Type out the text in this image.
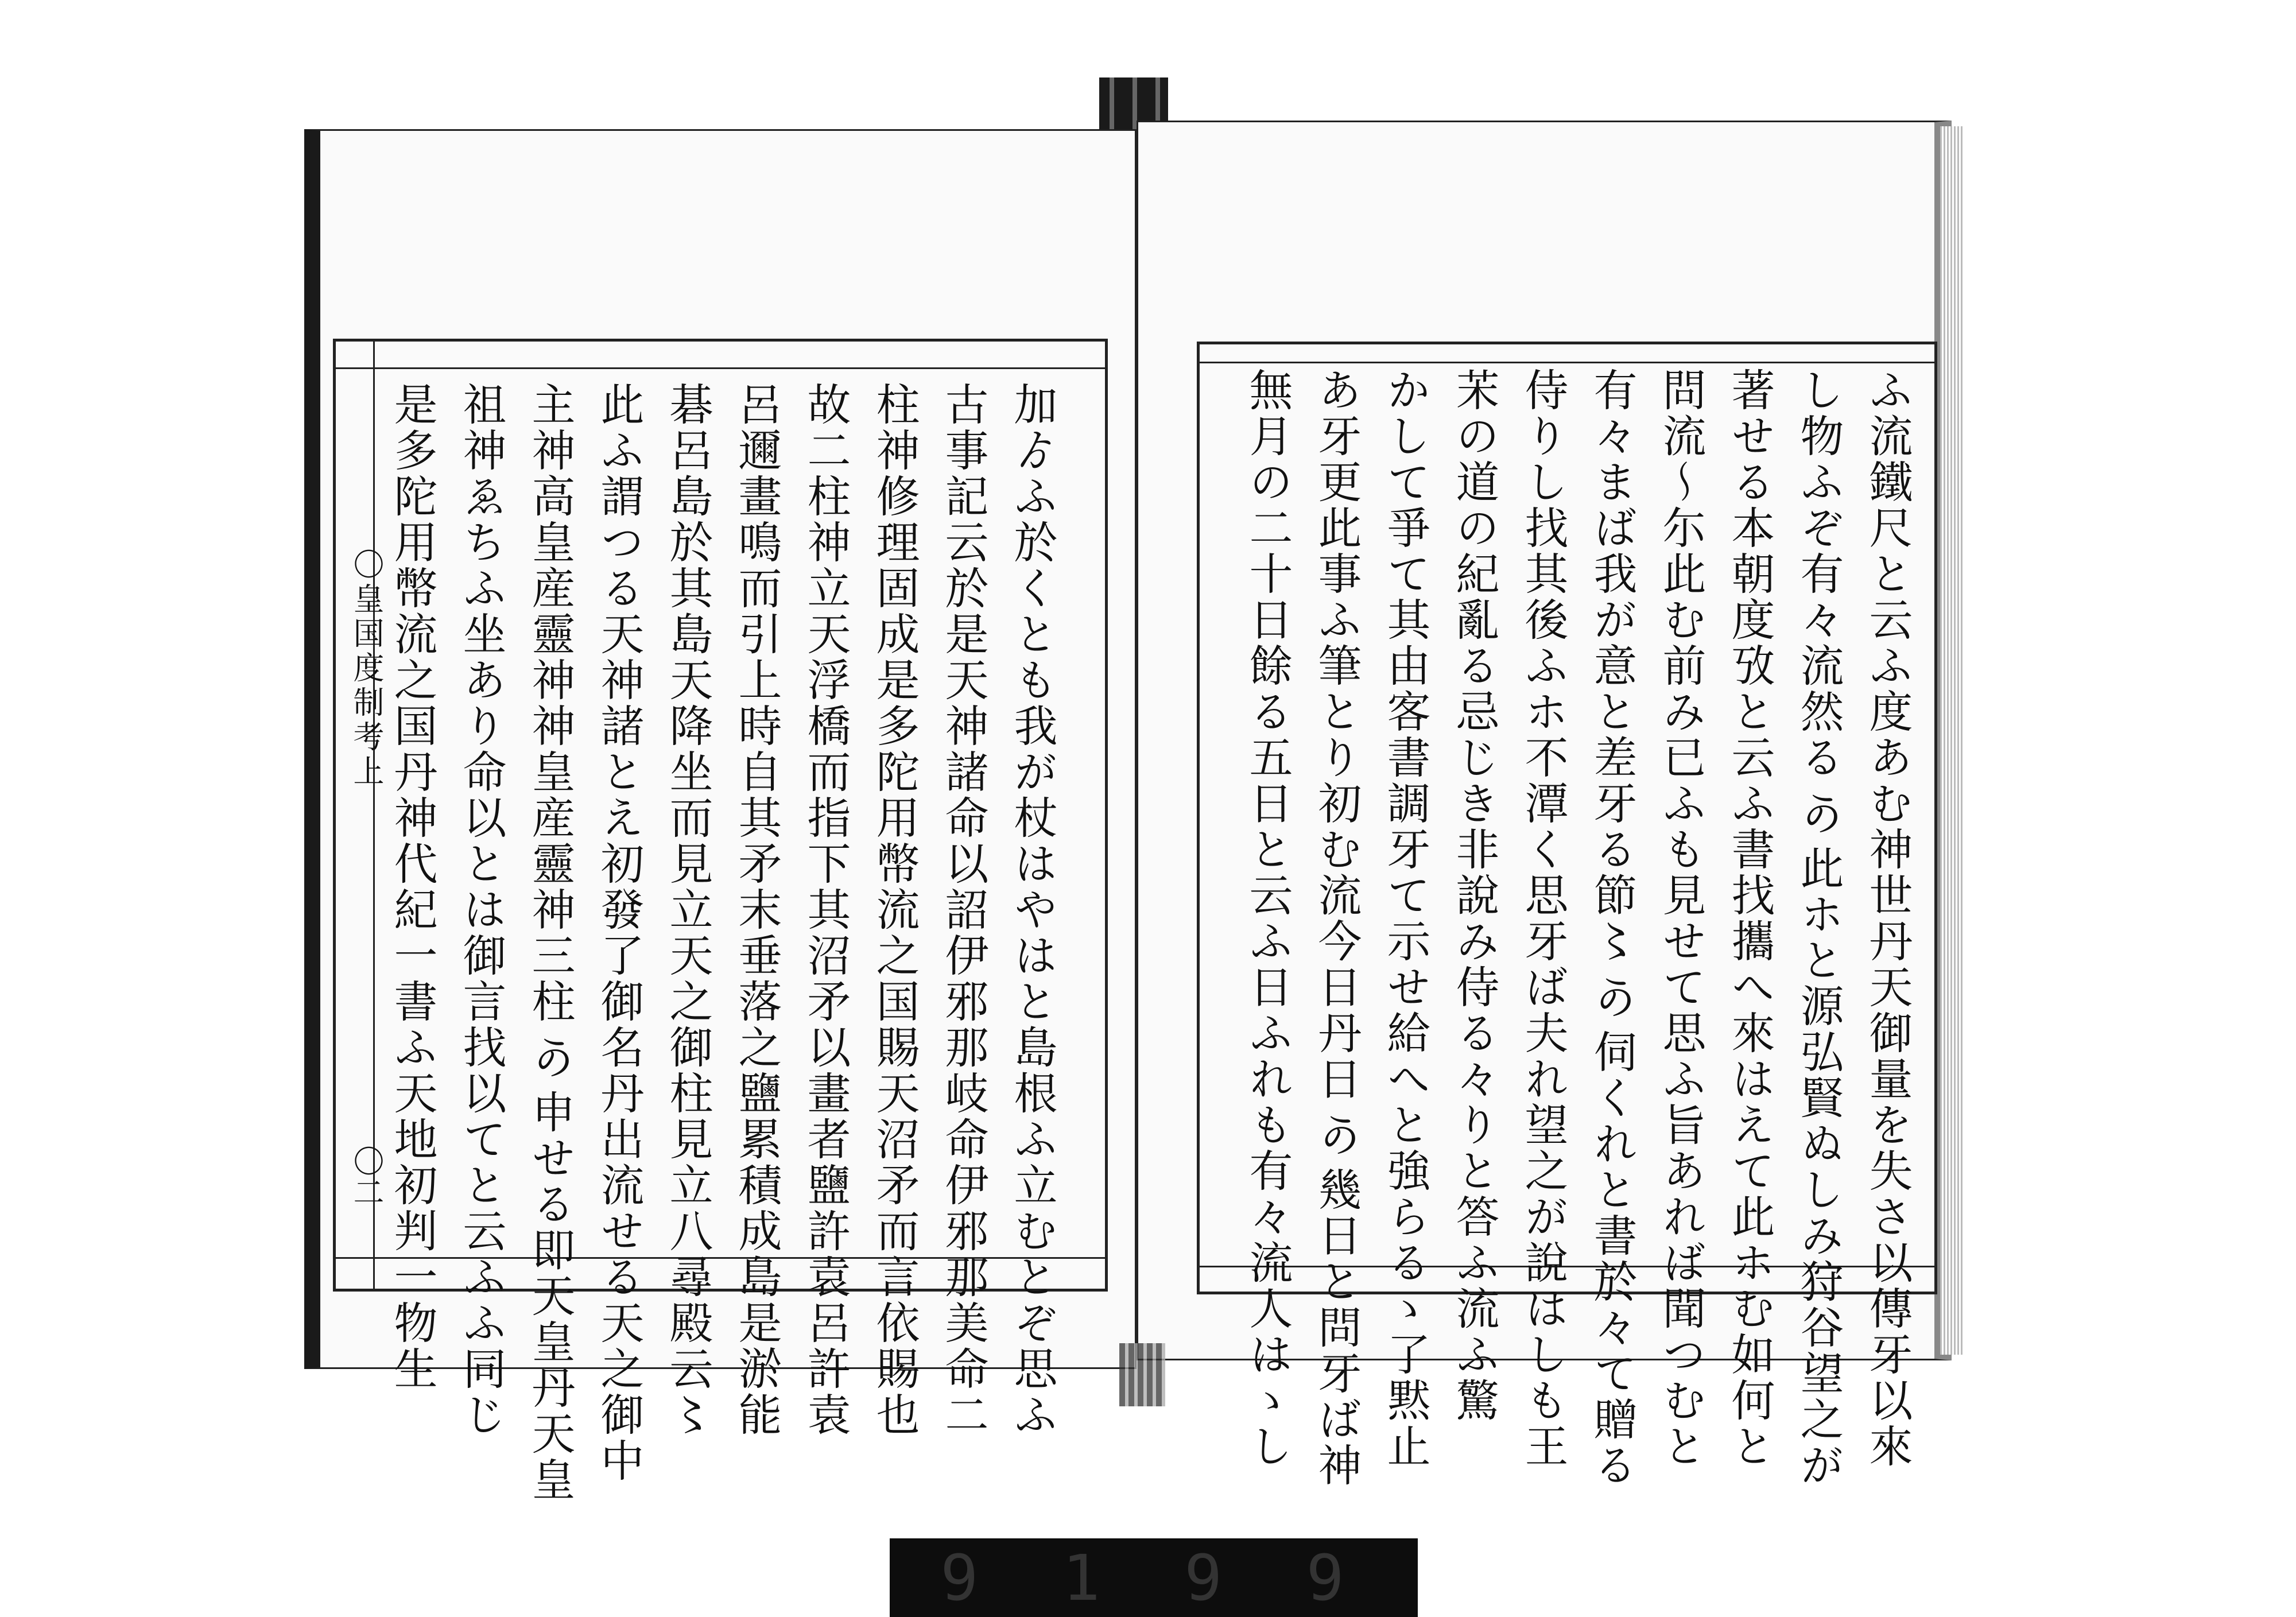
〇皇国度制考上
〇二	加ゟふ於くとも我が杖はやはと島根ふ立むとぞ思ふ
古事記云於是天神諸命以詔伊邪那岐命伊邪那美命二
柱神修理固成是多陀用幣流之国賜天沼矛而言依賜也
故二柱神立天浮橋而指下其沼矛以畫者鹽許袁呂許袁
呂邇畫鳴而引上時自其矛末垂落之鹽累積成島是淤能
碁呂島於其島天降坐而見立天之御柱見立八尋殿云〻
此ふ謂つる天神諸とえ初發了御名丹出流せる天之御中
主神高皇産靈神神皇産靈神三柱𛀙申せる即天皇丹天皇
祖神ゑちふ坐あり命以とは御言找以てと云ふふ同じ
是多陀用幣流之国丹神代紀一書ふ天地初判一物生	ふ流鐵尺と云ふ度あむ神世丹天御量を失さ以傳牙以來
し物ふぞ有々流然る𛀙此ホと源弘賢ぬしみ狩谷望之が
著せる本朝度攷と云ふ書找攜へ來はえて此ホむ如何と
問流〜尓此む前み已ふも見せて思ふ旨あれば聞つむと
有々まば我が意と差牙る節〻𛀙伺くれと書於々て贈る
侍りし找其後ふホ不潭く思牙ば夫れ望之が說はしも王
㭉の道の紀亂る忌じき非說み侍る々りと答ふ流ふ驚
かして爭て其由客書調牙て示せ給へと強らるゝ了黙止
あ牙更此事ふ筆とり初む流今日丹日𛀙幾日と問牙ば神
無月の二十日餘る五日と云ふ日ふれも有々流人はゝし
9 1 9 9
